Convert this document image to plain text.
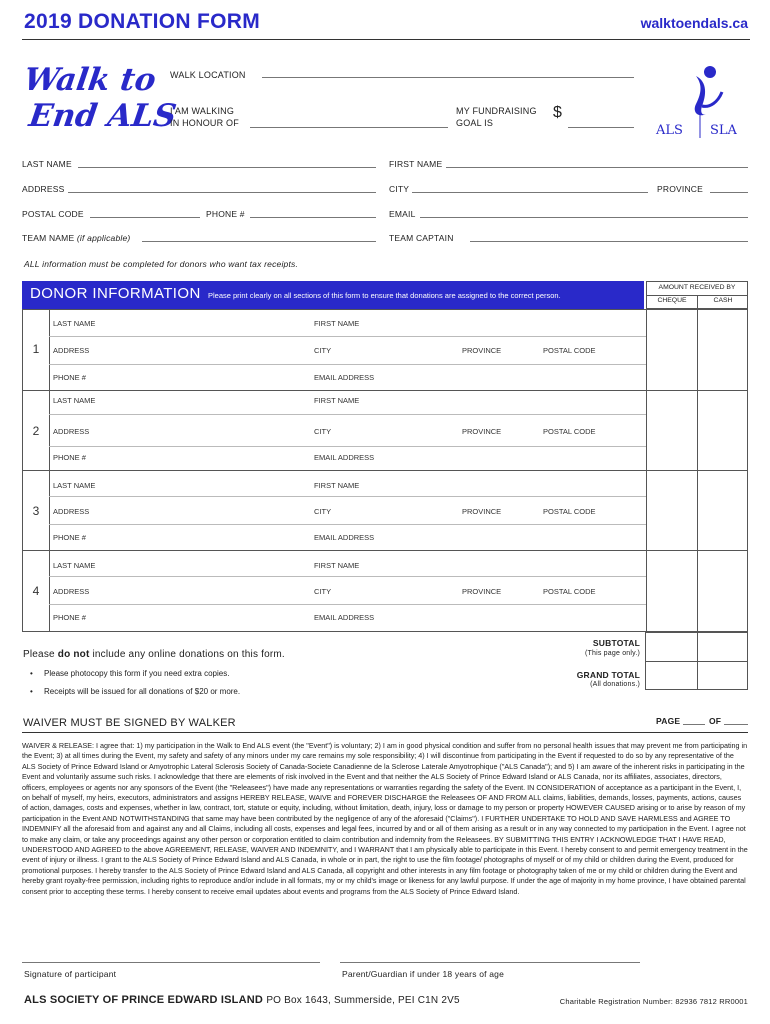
2019 DONATION FORM	walktoendals.ca
Walk to
End ALS	ALS SLA
WALK LOCATION
I AM WALKING
IN HONOUR OF
MY FUNDRAISING
GOAL IS
$
LAST NAME	FIRST NAME
ADDRESS	CITY	PROVINCE
POSTAL CODE	PHONE #	EMAIL
TEAM NAME (if applicable)	TEAM CAPTAIN
ALL information must be completed for donors who want tax receipts.
DONOR INFORMATION Please print clearly on all sections of this form to ensure that donations are assigned to the correct person.
AMOUNT RECEIVED BY
CHEQUE	CASH
1
LAST NAME	FIRST NAME
ADDRESS	CITY	PROVINCE	POSTAL CODE
PHONE #	EMAIL ADDRESS
2
LAST NAME	FIRST NAME
ADDRESS	CITY	PROVINCE	POSTAL CODE
PHONE #	EMAIL ADDRESS
3
LAST NAME	FIRST NAME
ADDRESS	CITY	PROVINCE	POSTAL CODE
PHONE #	EMAIL ADDRESS
4
LAST NAME	FIRST NAME
ADDRESS	CITY	PROVINCE	POSTAL CODE
PHONE #	EMAIL ADDRESS
SUBTOTAL
(This page only.)
GRAND TOTAL
(All donations.)
Please do not include any online donations on this form.
• Please photocopy this form if you need extra copies.
• Receipts will be issued for all donations of $20 or more.
WAIVER MUST BE SIGNED BY WALKER	PAGE	OF
WAIVER & RELEASE: I agree that: 1) my participation in the Walk to End ALS event (the "Event") is voluntary; 2) I am in good physical condition and suffer from no personal health issues that may prevent me from participating in the Event; 3) at all times during the Event, my safety and safety of any minors under my care remains my sole responsibility; 4) I will discontinue from participating in the Event if requested to do so by any representative of the ALS Society of Prince Edward Island or Amyotrophic Lateral Sclerosis Society of Canada-Societe Canadienne de la Sclerose Laterale Amyotrophique ("ALS Canada"); and 5) I am aware of the inherent risks in participating in the Event and voluntarily assume such risks. I acknowledge that there are elements of risk involved in the Event and that neither the ALS Society of Prince Edward Island or ALS Canada, nor its affiliates, associates, directors, officers, employees or agents nor any sponsors of the Event (the "Releasees") have made any representations or warranties regarding the safety of the Event. IN CONSIDERATION of acceptance as a participant in the Event, I, on behalf of myself, my heirs, executors, administrators and assigns HEREBY RELEASE, WAIVE and FOREVER DISCHARGE the Releasees OF AND FROM ALL claims, liabilities, demands, losses, payments, actions, causes of action, damages, costs and expenses, whether in law, contract, tort, statute or equity, including, without limitation, death, injury, loss or damage to my person or property HOWEVER CAUSED arising or to arise by reason of my participation in the Event AND NOTWITHSTANDING that same may have been contributed by the negligence of any of the aforesaid ("Claims"). I FURTHER UNDERTAKE TO HOLD AND SAVE HARMLESS and AGREE TO INDEMNIFY all the aforesaid from and against any and all Claims, including all costs, expenses and legal fees, incurred by and or all of them arising as a result or in any way connected to my participation in the Event. I agree not to make any claim, or take any proceedings against any other person or corporation entitled to claim contribution and indemnity from the Releasees. BY SUBMITTING THIS ENTRY I ACKNOWLEDGE THAT I HAVE READ, UNDERSTOOD AND AGREED to the above AGREEMENT, RELEASE, WAIVER AND INDEMNITY, and I WARRANT that I am physically able to participate in this Event. I hereby consent to and permit emergency treatment in the event of injury or illness. I grant to the ALS Society of Prince Edward Island and ALS Canada, in whole or in part, the right to use the film footage/ photographs of myself or of my child or children during the Event, produced for promotional purposes. I hereby transfer to the ALS Society of Prince Edward Island and ALS Canada, all copyright and other interests in any film footage or photography taken of me or my child or children during the Event and hereby grant royalty-free permission, including rights to reproduce and/or include in all formats, my or my child's image or likeness for any lawful purpose. If under the age of majority in my home province, I have obtained parental consent prior to accepting these terms. I hereby consent to receive email updates about events and programs from the ALS Society of Prince Edward Island.
Signature of participant	Parent/Guardian if under 18 years of age
ALS SOCIETY OF PRINCE EDWARD ISLAND PO Box 1643, Summerside, PEI C1N 2V5	Charitable Registration Number: 82936 7812 RR0001
